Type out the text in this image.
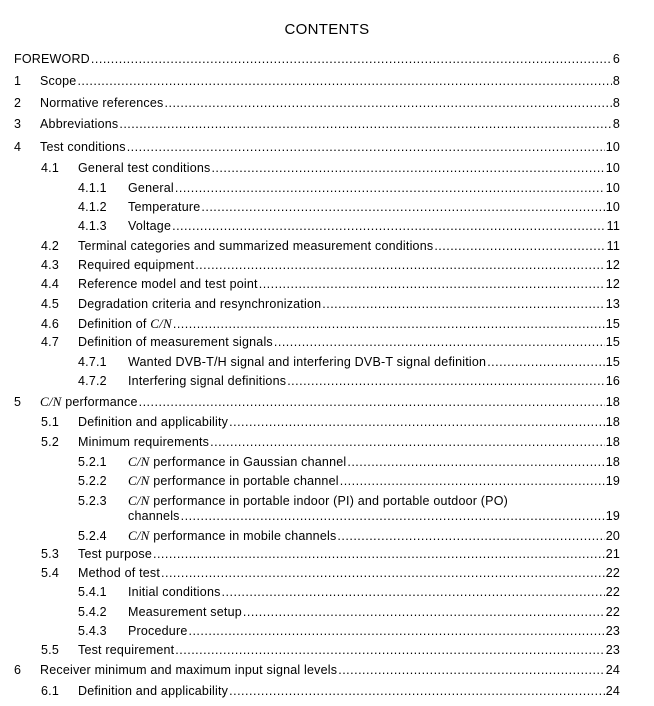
CONTENTS
FOREWORD .....	6
1	Scope .....	8
2	Normative references .....	8
3	Abbreviations .....	8
4	Test conditions .....	10
4.1	General test conditions .....	10
4.1.1	General .....	10
4.1.2	Temperature .....	10
4.1.3	Voltage .....	11
4.2	Terminal categories and summarized measurement conditions .....	11
4.3	Required equipment .....	12
4.4	Reference model and test point .....	12
4.5	Degradation criteria and resynchronization .....	13
4.6	Definition of C/N .....	15
4.7	Definition of measurement signals .....	15
4.7.1	Wanted DVB-T/H signal and interfering DVB-T signal definition .....	15
4.7.2	Interfering signal definitions .....	16
5	C/N performance .....	18
5.1	Definition and applicability .....	18
5.2	Minimum requirements .....	18
5.2.1	C/N performance in Gaussian channel .....	18
5.2.2	C/N performance in portable channel .....	19
5.2.3	C/N performance in portable indoor (PI) and portable outdoor (PO)
channels .....	19
5.2.4	C/N performance in mobile channels .....	20
5.3	Test purpose .....	21
5.4	Method of test .....	22
5.4.1	Initial conditions .....	22
5.4.2	Measurement setup .....	22
5.4.3	Procedure .....	23
5.5	Test requirement .....	23
6	Receiver minimum and maximum input signal levels .....	24
6.1	Definition and applicability .....	24
